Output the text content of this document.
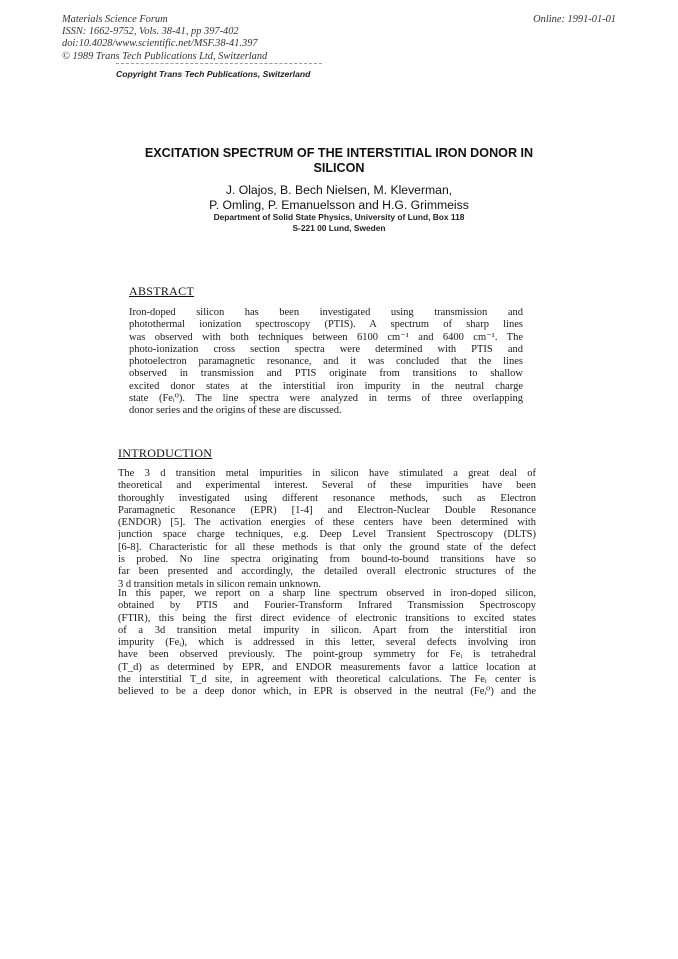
Materials Science Forum
ISSN: 1662-9752, Vols. 38-41, pp 397-402
doi:10.4028/www.scientific.net/MSF.38-41.397
© 1989 Trans Tech Publications Ltd, Switzerland
Online: 1991-01-01
Copyright Trans Tech Publications, Switzerland
EXCITATION SPECTRUM OF THE INTERSTITIAL IRON DONOR IN
SILICON
J. Olajos, B. Bech Nielsen, M. Kleverman,
P. Omling, P. Emanuelsson and H.G. Grimmeiss
Department of Solid State Physics, University of Lund, Box 118
S-221 00 Lund, Sweden
ABSTRACT
Iron-doped silicon has been investigated using transmission and
photothermal ionization spectroscopy (PTIS). A spectrum of sharp lines
was observed with both techniques between 6100 cm⁻¹ and 6400 cm⁻¹. The
photo-ionization cross section spectra were determined with PTIS and
photoelectron paramagnetic resonance, and it was concluded that the lines
observed in transmission and PTIS originate from transitions to shallow
excited donor states at the interstitial iron impurity in the neutral charge
state (Feᵢ⁰). The line spectra were analyzed in terms of three overlapping
donor series and the origins of these are discussed.
INTRODUCTION
The 3 d transition metal impurities in silicon have stimulated a great deal of
theoretical and experimental interest. Several of these impurities have been
thoroughly investigated using different resonance methods, such as Electron
Paramagnetic Resonance (EPR) [1-4] and Electron-Nuclear Double Resonance
(ENDOR) [5]. The activation energies of these centers have been determined with
junction space charge techniques, e.g. Deep Level Transient Spectroscopy (DLTS)
[6-8]. Characteristic for all these methods is that only the ground state of the defect
is probed. No line spectra originating from bound-to-bound transitions have so
far been presented and accordingly, the detailed overall electronic structures of the
3 d transition metals in silicon remain unknown.
In this paper, we report on a sharp line spectrum observed in iron-doped silicon,
obtained by PTIS and Fourier-Transform Infrared Transmission Spectroscopy
(FTIR), this being the first direct evidence of electronic transitions to excited states
of a 3d transition metal impurity in silicon. Apart from the interstitial iron
impurity (Feᵢ), which is addressed in this letter, several defects involving iron
have been observed previously. The point-group symmetry for Feᵢ is tetrahedral
(T_d) as determined by EPR, and ENDOR measurements favor a lattice location at
the interstitial T_d site, in agreement with theoretical calculations. The Feᵢ center is
believed to be a deep donor which, in EPR is observed in the neutral (Feᵢ⁰) and the
